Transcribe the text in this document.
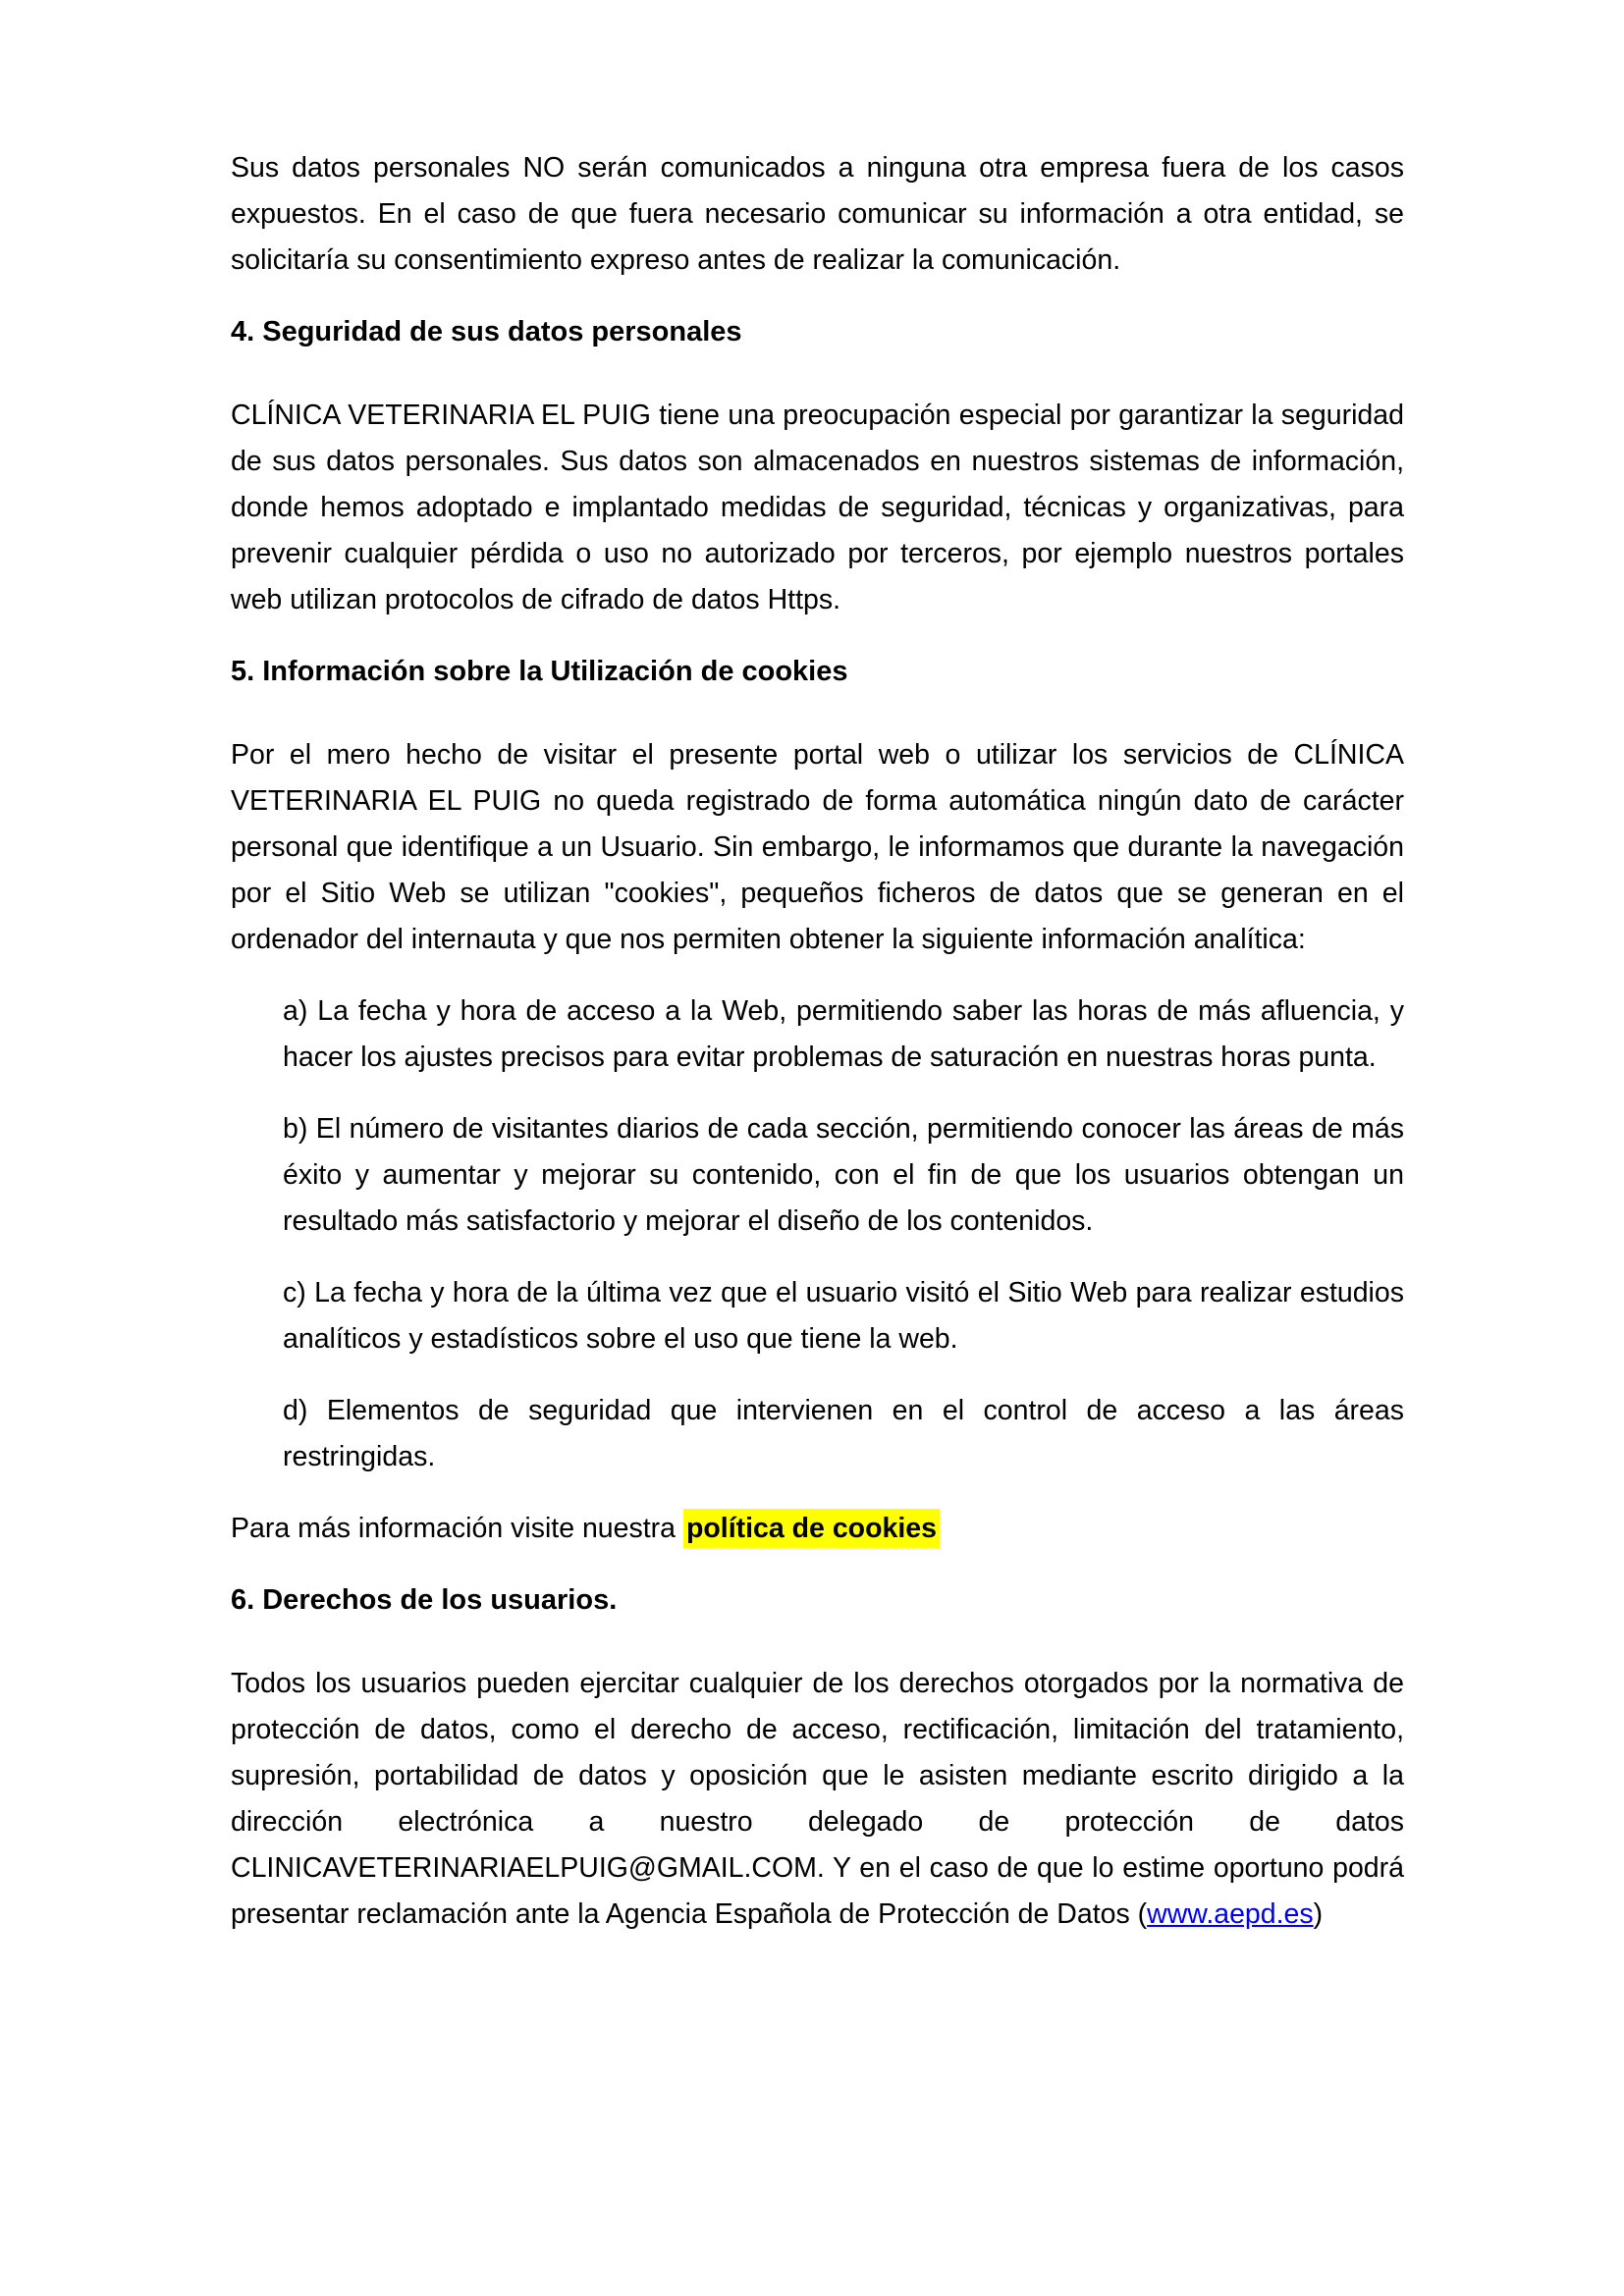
Sus datos personales NO serán comunicados a ninguna otra empresa fuera de los casos expuestos. En el caso de que fuera necesario comunicar su información a otra entidad, se solicitaría su consentimiento expreso antes de realizar la comunicación.

4. Seguridad de sus datos personales

CLÍNICA VETERINARIA EL PUIG tiene una preocupación especial por garantizar la seguridad de sus datos personales. Sus datos son almacenados en nuestros sistemas de información, donde hemos adoptado e implantado medidas de seguridad, técnicas y organizativas, para prevenir cualquier pérdida o uso no autorizado por terceros, por ejemplo nuestros portales web utilizan protocolos de cifrado de datos Https.

5. Información sobre la Utilización de cookies

Por el mero hecho de visitar el presente portal web o utilizar los servicios de CLÍNICA VETERINARIA EL PUIG no queda registrado de forma automática ningún dato de carácter personal que identifique a un Usuario. Sin embargo, le informamos que durante la navegación por el Sitio Web se utilizan "cookies", pequeños ficheros de datos que se generan en el ordenador del internauta y que nos permiten obtener la siguiente información analítica:

a) La fecha y hora de acceso a la Web, permitiendo saber las horas de más afluencia, y hacer los ajustes precisos para evitar problemas de saturación en nuestras horas punta.

b) El número de visitantes diarios de cada sección, permitiendo conocer las áreas de más éxito y aumentar y mejorar su contenido, con el fin de que los usuarios obtengan un resultado más satisfactorio y mejorar el diseño de los contenidos.

c) La fecha y hora de la última vez que el usuario visitó el Sitio Web para realizar estudios analíticos y estadísticos sobre el uso que tiene la web.

d) Elementos de seguridad que intervienen en el control de acceso a las áreas restringidas.

Para más información visite nuestra política de cookies

6. Derechos de los usuarios.

Todos los usuarios pueden ejercitar cualquier de los derechos otorgados por la normativa de protección de datos, como el derecho de acceso, rectificación, limitación del tratamiento, supresión, portabilidad de datos y oposición que le asisten mediante escrito dirigido a la dirección electrónica a nuestro delegado de protección de datos CLINICAVETERINARIAELPUIG@GMAIL.COM. Y en el caso de que lo estime oportuno podrá presentar reclamación ante la Agencia Española de Protección de Datos (www.aepd.es)
